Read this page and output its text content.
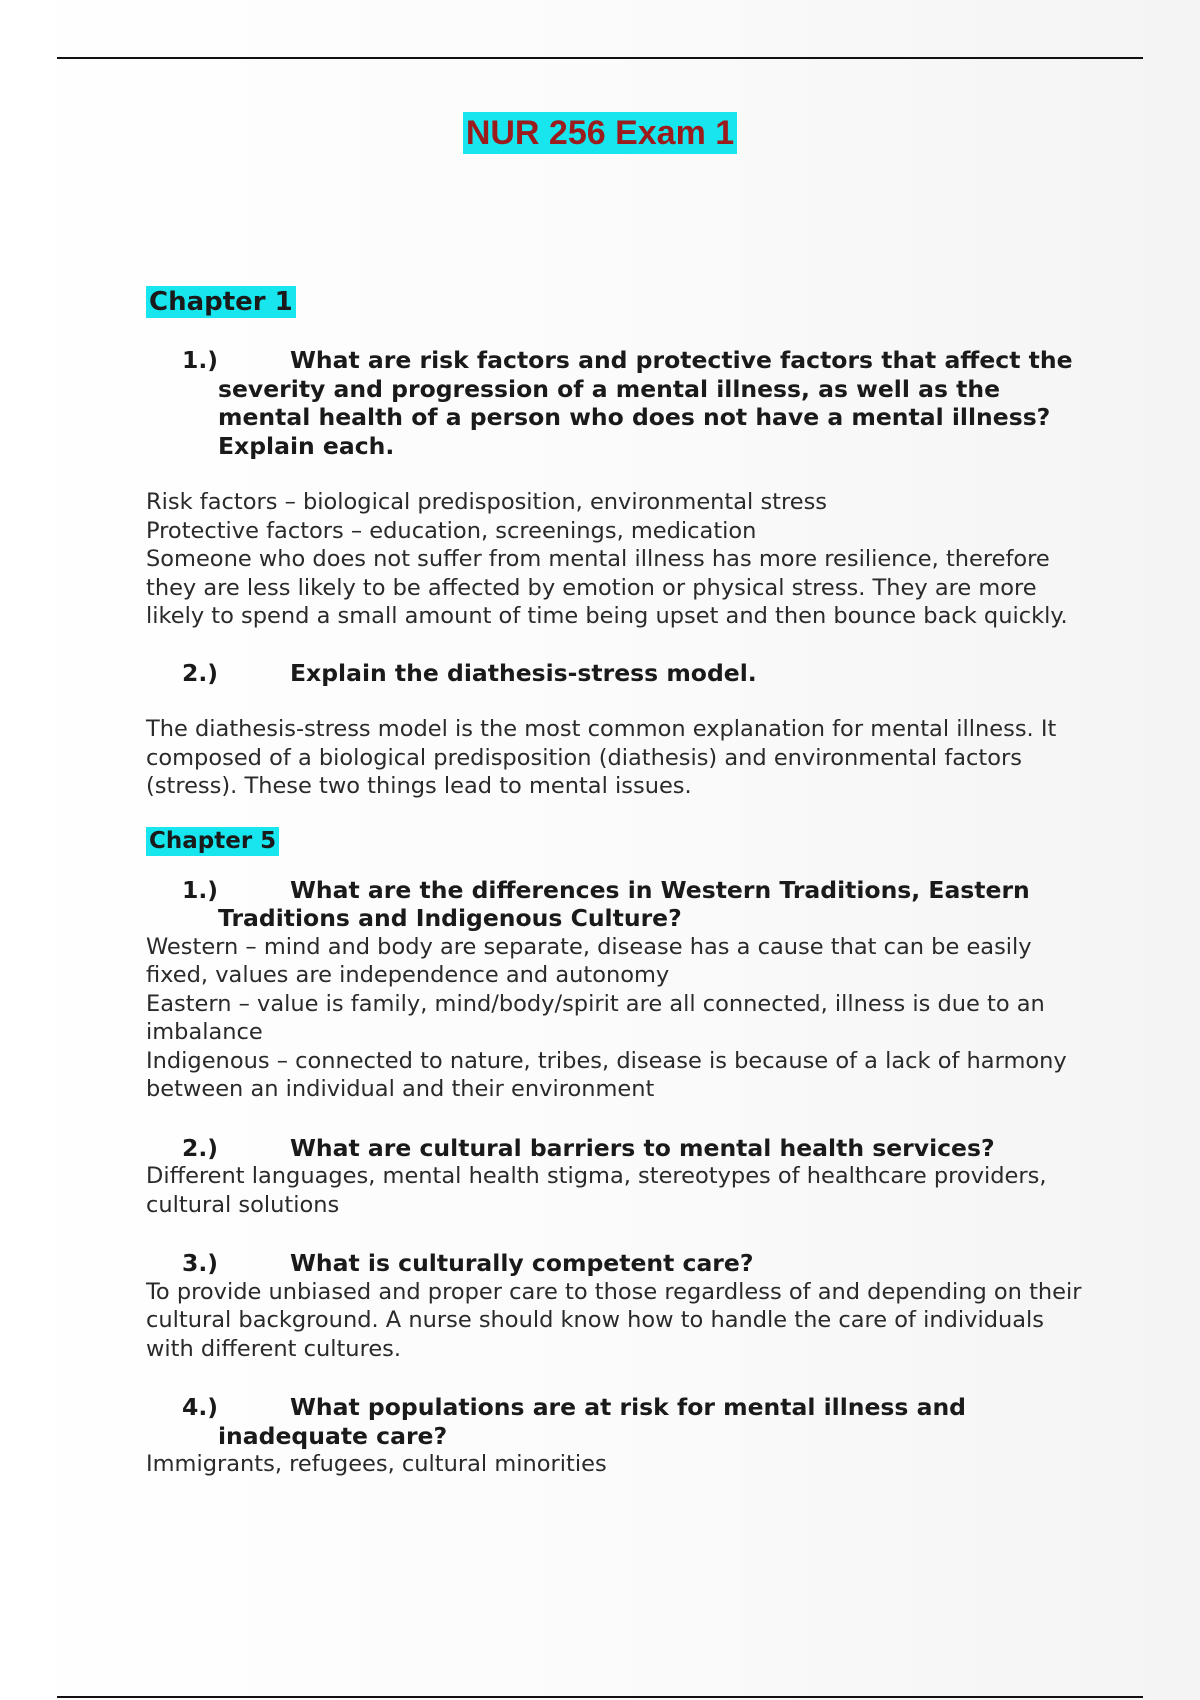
NUR 256 Exam 1
Chapter 1
1.)	What are risk factors and protective factors that affect the severity and progression of a mental illness, as well as the mental health of a person who does not have a mental illness? Explain each.

Risk factors – biological predisposition, environmental stress

Protective factors – education, screenings, medication

Someone who does not suffer from mental illness has more resilience, therefore they are less likely to be affected by emotion or physical stress. They are more likely to spend a small amount of time being upset and then bounce back quickly.

2.)	Explain the diathesis-stress model.

The diathesis-stress model is the most common explanation for mental illness. It composed of a biological predisposition (diathesis) and environmental factors (stress). These two things lead to mental issues.

Chapter 5
1.)	What are the differences in Western Traditions, Eastern Traditions and Indigenous Culture?

Western – mind and body are separate, disease has a cause that can be easily fixed, values are independence and autonomy

Eastern – value is family, mind/body/spirit are all connected, illness is due to an imbalance

Indigenous – connected to nature, tribes, disease is because of a lack of harmony between an individual and their environment

2.)	What are cultural barriers to mental health services?

Different languages, mental health stigma, stereotypes of healthcare providers, cultural solutions

3.)	What is culturally competent care?

To provide unbiased and proper care to those regardless of and depending on their cultural background. A nurse should know how to handle the care of individuals with different cultures.

4.)	What populations are at risk for mental illness and inadequate care?

Immigrants, refugees, cultural minorities
